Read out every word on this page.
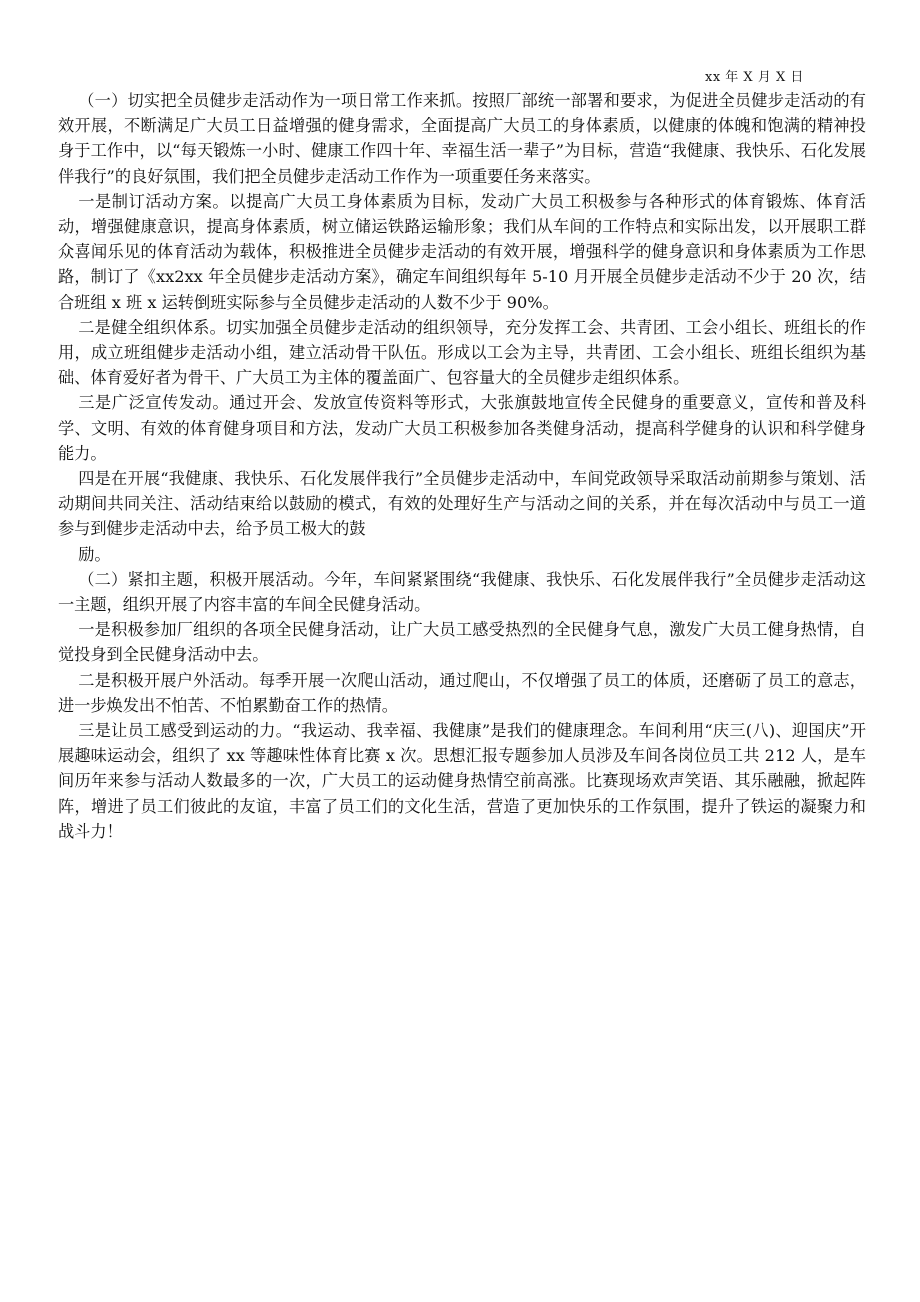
xx 年 X 月 X 日

（一）切实把全员健步走活动作为一项日常工作来抓。按照厂部统一部署和要求，为促进全员健步走活动的有效开展，不断满足广大员工日益增强的健身需求，全面提高广大员工的身体素质，以健康的体魄和饱满的精神投身于工作中，以“每天锻炼一小时、健康工作四十年、幸福生活一辈子”为目标，营造“我健康、我快乐、石化发展伴我行”的良好氛围，我们把全员健步走活动工作作为一项重要任务来落实。

一是制订活动方案。以提高广大员工身体素质为目标，发动广大员工积极参与各种形式的体育锻炼、体育活动，增强健康意识，提高身体素质，树立储运铁路运输形象；我们从车间的工作特点和实际出发，以开展职工群众喜闻乐见的体育活动为载体，积极推进全员健步走活动的有效开展，增强科学的健身意识和身体素质为工作思路，制订了《xx2xx 年全员健步走活动方案》，确定车间组织每年 5-10 月开展全员健步走活动不少于 20 次，结合班组 x 班 x 运转倒班实际参与全员健步走活动的人数不少于 90%。

二是健全组织体系。切实加强全员健步走活动的组织领导，充分发挥工会、共青团、工会小组长、班组长的作用，成立班组健步走活动小组，建立活动骨干队伍。形成以工会为主导，共青团、工会小组长、班组长组织为基础、体育爱好者为骨干、广大员工为主体的覆盖面广、包容量大的全员健步走组织体系。

三是广泛宣传发动。通过开会、发放宣传资料等形式，大张旗鼓地宣传全民健身的重要意义，宣传和普及科学、文明、有效的体育健身项目和方法，发动广大员工积极参加各类健身活动，提高科学健身的认识和科学健身能力。

四是在开展“我健康、我快乐、石化发展伴我行”全员健步走活动中，车间党政领导采取活动前期参与策划、活动期间共同关注、活动结束给以鼓励的模式，有效的处理好生产与活动之间的关系，并在每次活动中与员工一道参与到健步走活动中去，给予员工极大的鼓

励。

（二）紧扣主题，积极开展活动。今年，车间紧紧围绕“我健康、我快乐、石化发展伴我行”全员健步走活动这一主题，组织开展了内容丰富的车间全民健身活动。

一是积极参加厂组织的各项全民健身活动，让广大员工感受热烈的全民健身气息，激发广大员工健身热情，自觉投身到全民健身活动中去。

二是积极开展户外活动。每季开展一次爬山活动，通过爬山，不仅增强了员工的体质，还磨砺了员工的意志，进一步焕发出不怕苦、不怕累勤奋工作的热情。

三是让员工感受到运动的力。“我运动、我幸福、我健康”是我们的健康理念。车间利用“庆三(八)、迎国庆”开展趣味运动会，组织了 xx 等趣味性体育比赛 x 次。思想汇报专题参加人员涉及车间各岗位员工共 212 人，是车间历年来参与活动人数最多的一次，广大员工的运动健身热情空前高涨。比赛现场欢声笑语、其乐融融，掀起阵阵，增进了员工们彼此的友谊，丰富了员工们的文化生活，营造了更加快乐的工作氛围，提升了铁运的凝聚力和战斗力！
